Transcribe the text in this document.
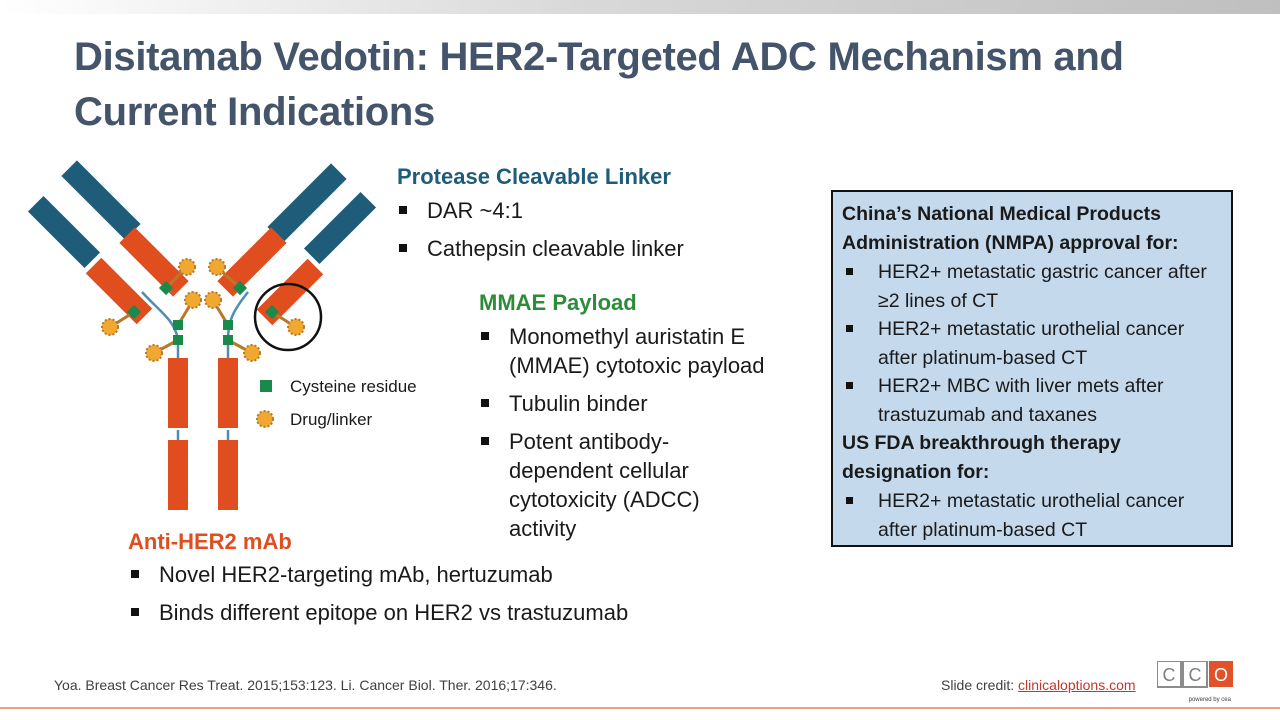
Disitamab Vedotin: HER2-Targeted ADC Mechanism and
Current Indications
Cysteine residue
Drug/linker
Protease Cleavable Linker
DAR ~4:1
Cathepsin cleavable linker
MMAE Payload
Monomethyl auristatin E (MMAE) cytotoxic payload
Tubulin binder
Potent antibody-dependent cellular cytotoxicity (ADCC) activity
Anti-HER2 mAb
Novel HER2-targeting mAb, hertuzumab
Binds different epitope on HER2 vs trastuzumab

China’s National Medical Products Administration (NMPA) approval for:

HER2+ metastatic gastric cancer after ≥2 lines of CT
HER2+ metastatic urothelial cancer after platinum-based CT
HER2+ MBC with liver mets after trastuzumab and taxanes

US FDA breakthrough therapy designation for:

HER2+ metastatic urothelial cancer after platinum-based CT
Yoa. Breast Cancer Res Treat. 2015;153:123. Li. Cancer Biol. Ther. 2016;17:346.	Slide credit: clinicaloptions.com C C O
powered by cea
